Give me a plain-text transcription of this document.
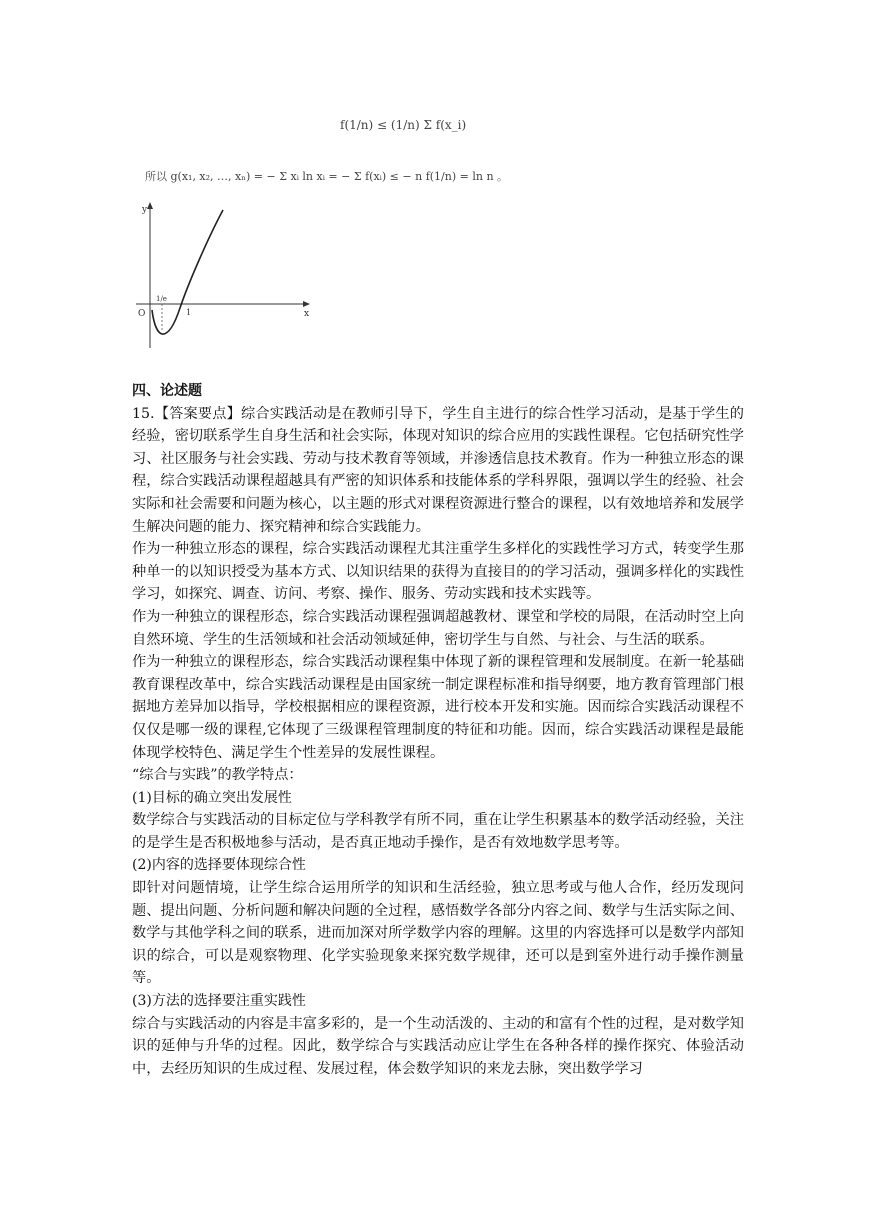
f(1/n) ≤ (1/n) Σ f(x_i)
所以 g(x₁, x₂, …, xₙ) = − Σ xᵢ ln xᵢ = − Σ f(xᵢ) ≤ − n f(1/n) = ln n 。
y
x
O
1/e
1

四、论述题

15.【答案要点】综合实践活动是在教师引导下，学生自主进行的综合性学习活动，是基于学生的经验，密切联系学生自身生活和社会实际，体现对知识的综合应用的实践性课程。它包括研究性学习、社区服务与社会实践、劳动与技术教育等领域，并渗透信息技术教育。作为一种独立形态的课程，综合实践活动课程超越具有严密的知识体系和技能体系的学科界限，强调以学生的经验、社会实际和社会需要和问题为核心，以主题的形式对课程资源进行整合的课程，以有效地培养和发展学生解决问题的能力、探究精神和综合实践能力。

作为一种独立形态的课程，综合实践活动课程尤其注重学生多样化的实践性学习方式，转变学生那种单一的以知识授受为基本方式、以知识结果的获得为直接目的的学习活动，强调多样化的实践性学习，如探究、调查、访问、考察、操作、服务、劳动实践和技术实践等。

作为一种独立的课程形态，综合实践活动课程强调超越教材、课堂和学校的局限，在活动时空上向自然环境、学生的生活领域和社会活动领域延伸，密切学生与自然、与社会、与生活的联系。

作为一种独立的课程形态，综合实践活动课程集中体现了新的课程管理和发展制度。在新一轮基础教育课程改革中，综合实践活动课程是由国家统一制定课程标准和指导纲要，地方教育管理部门根据地方差异加以指导，学校根据相应的课程资源，进行校本开发和实施。因而综合实践活动课程不仅仅是哪一级的课程,它体现了三级课程管理制度的特征和功能。因而，综合实践活动课程是最能体现学校特色、满足学生个性差异的发展性课程。

“综合与实践”的教学特点：

(1)目标的确立突出发展性

数学综合与实践活动的目标定位与学科教学有所不同，重在让学生积累基本的数学活动经验，关注的是学生是否积极地参与活动，是否真正地动手操作，是否有效地数学思考等。

(2)内容的选择要体现综合性

即针对问题情境，让学生综合运用所学的知识和生活经验，独立思考或与他人合作，经历发现问题、提出问题、分析问题和解决问题的全过程，感悟数学各部分内容之间、数学与生活实际之间、数学与其他学科之间的联系，进而加深对所学数学内容的理解。这里的内容选择可以是数学内部知识的综合，可以是观察物理、化学实验现象来探究数学规律，还可以是到室外进行动手操作测量等。

(3)方法的选择要注重实践性

综合与实践活动的内容是丰富多彩的，是一个生动活泼的、主动的和富有个性的过程，是对数学知识的延伸与升华的过程。因此，数学综合与实践活动应让学生在各种各样的操作探究、体验活动中，去经历知识的生成过程、发展过程，体会数学知识的来龙去脉，突出数学学习
